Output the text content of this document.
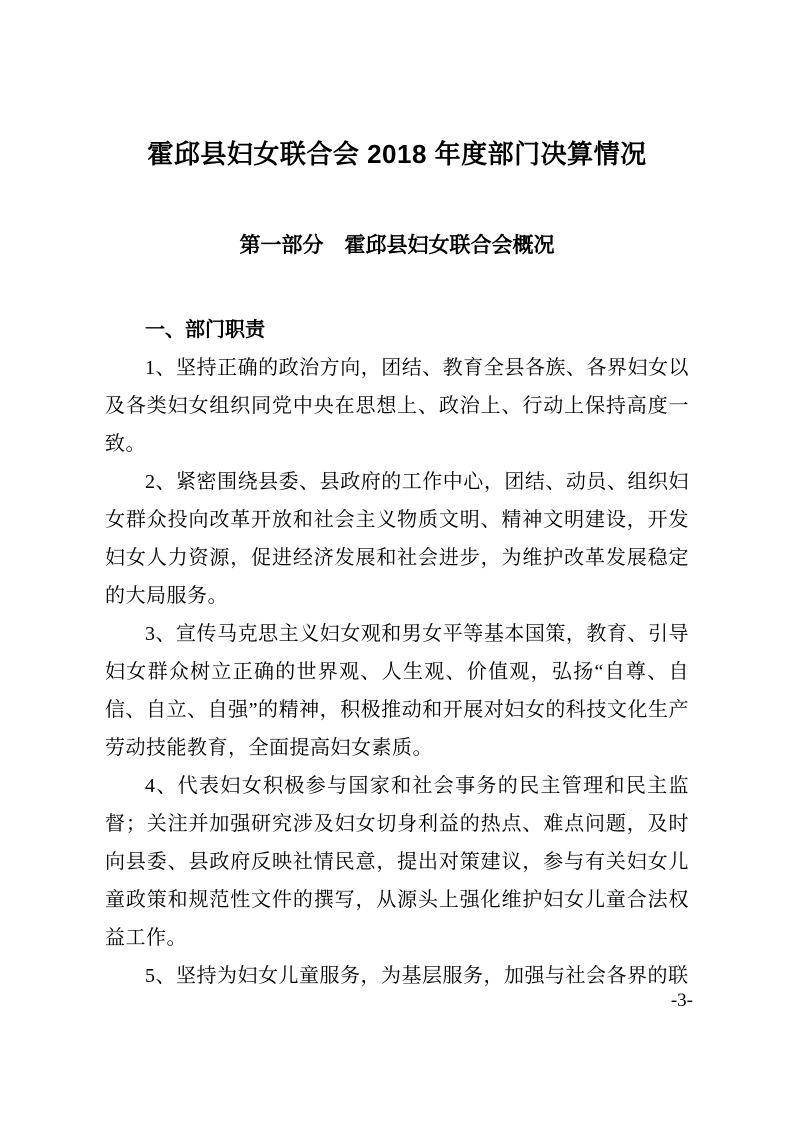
霍邱县妇女联合会 2018 年度部门决算情况
第一部分　霍邱县妇女联合会概况
一、部门职责

1、坚持正确的政治方向，团结、教育全县各族、各界妇女以及各类妇女组织同党中央在思想上、政治上、行动上保持高度一致。

2、紧密围绕县委、县政府的工作中心，团结、动员、组织妇女群众投向改革开放和社会主义物质文明、精神文明建设，开发妇女人力资源，促进经济发展和社会进步，为维护改革发展稳定的大局服务。

3、宣传马克思主义妇女观和男女平等基本国策，教育、引导妇女群众树立正确的世界观、人生观、价值观，弘扬“自尊、自信、自立、自强”的精神，积极推动和开展对妇女的科技文化生产劳动技能教育，全面提高妇女素质。

4、代表妇女积极参与国家和社会事务的民主管理和民主监督；关注并加强研究涉及妇女切身利益的热点、难点问题，及时向县委、县政府反映社情民意，提出对策建议，参与有关妇女儿童政策和规范性文件的撰写，从源头上强化维护妇女儿童合法权益工作。

5、坚持为妇女儿童服务，为基层服务，加强与社会各界的联

-3-
